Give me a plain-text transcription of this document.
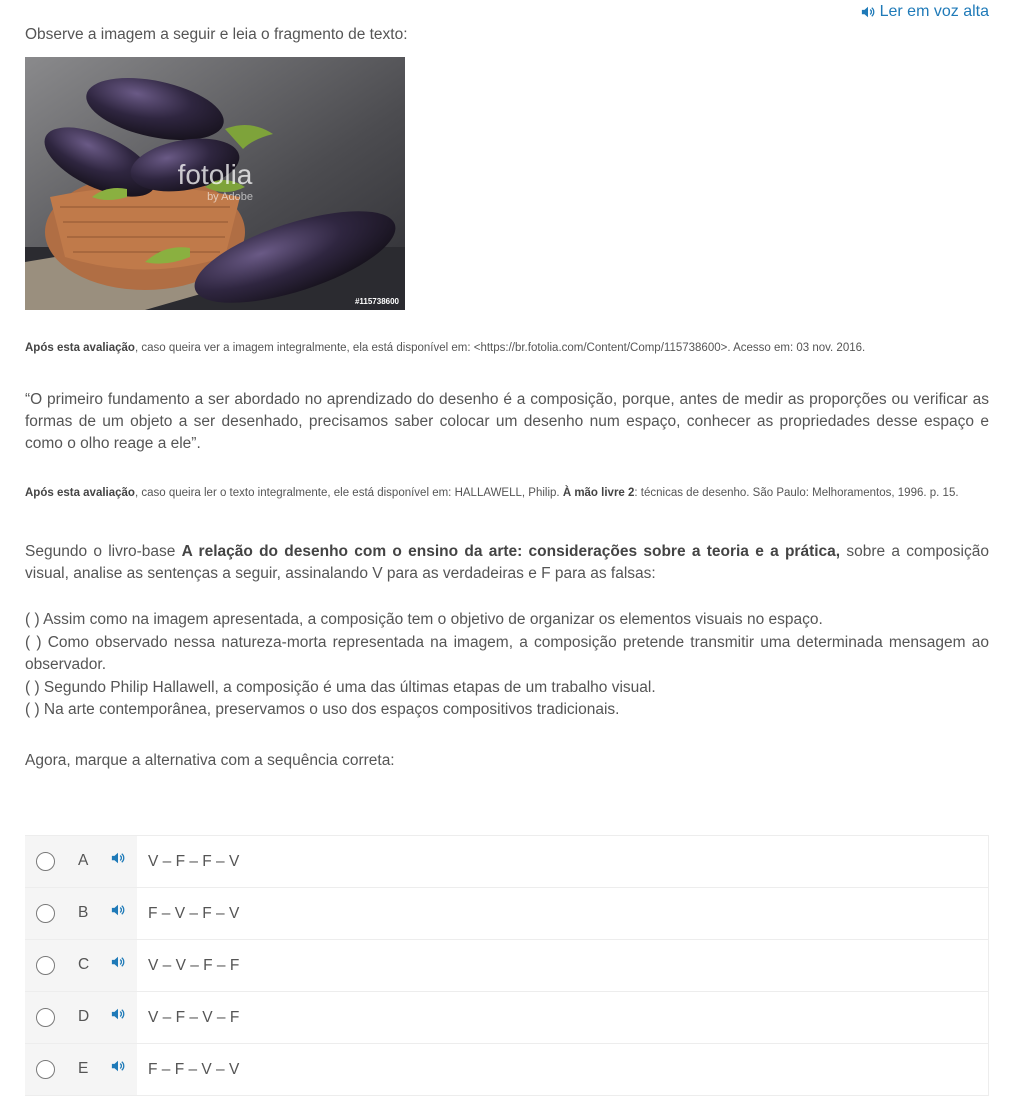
Ler em voz alta

Observe a imagem a seguir e leia o fragmento de texto:

fotolia
by Adobe
#115738600

Após esta avaliação, caso queira ver a imagem integralmente, ela está disponível em: <https://br.fotolia.com/Content/Comp/115738600>. Acesso em: 03 nov. 2016.

“O primeiro fundamento a ser abordado no aprendizado do desenho é a composição, porque, antes de medir as proporções ou verificar as formas de um objeto a ser desenhado, precisamos saber colocar um desenho num espaço, conhecer as propriedades desse espaço e como o olho reage a ele”.

Após esta avaliação, caso queira ler o texto integralmente, ele está disponível em: HALLAWELL, Philip. À mão livre 2: técnicas de desenho. São Paulo: Melhoramentos, 1996. p. 15.

Segundo o livro-base A relação do desenho com o ensino da arte: considerações sobre a teoria e a prática, sobre a composição visual, analise as sentenças a seguir, assinalando V para as verdadeiras e F para as falsas:

( ) Assim como na imagem apresentada, a composição tem o objetivo de organizar os elementos visuais no espaço.

( ) Como observado nessa natureza-morta representada na imagem, a composição pretende transmitir uma determinada mensagem ao observador.

( ) Segundo Philip Hallawell, a composição é uma das últimas etapas de um trabalho visual.

( ) Na arte contemporânea, preservamos o uso dos espaços compositivos tradicionais.

Agora, marque a alternativa com a sequência correta:

A	V – F – F – V
B	F – V – F – V
C	V – V – F – F
D	V – F – V – F
E	F – F – V – V
